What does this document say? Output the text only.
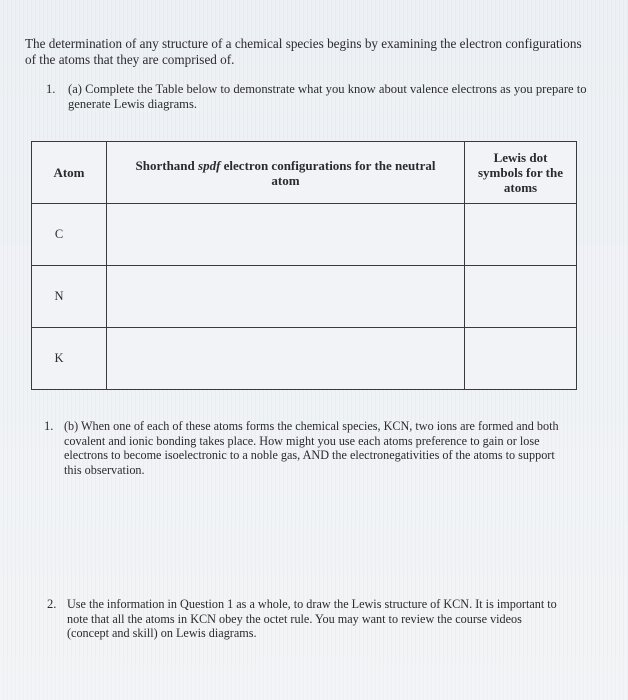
The determination of any structure of a chemical species begins by examining the electron configurations of the atoms that they are comprised of.
1. (a) Complete the Table below to demonstrate what you know about valence electrons as you prepare to generate Lewis diagrams.
Atom	Shorthand spdf electron configurations for the neutral atom	Lewis dot symbols for the atoms
C		
N		
K		
1. (b) When one of each of these atoms forms the chemical species, KCN, two ions are formed and both covalent and ionic bonding takes place. How might you use each atoms preference to gain or lose electrons to become isoelectronic to a noble gas, AND the electronegativities of the atoms to support this observation.
2. Use the information in Question 1 as a whole, to draw the Lewis structure of KCN. It is important to note that all the atoms in KCN obey the octet rule. You may want to review the course videos (concept and skill) on Lewis diagrams.
